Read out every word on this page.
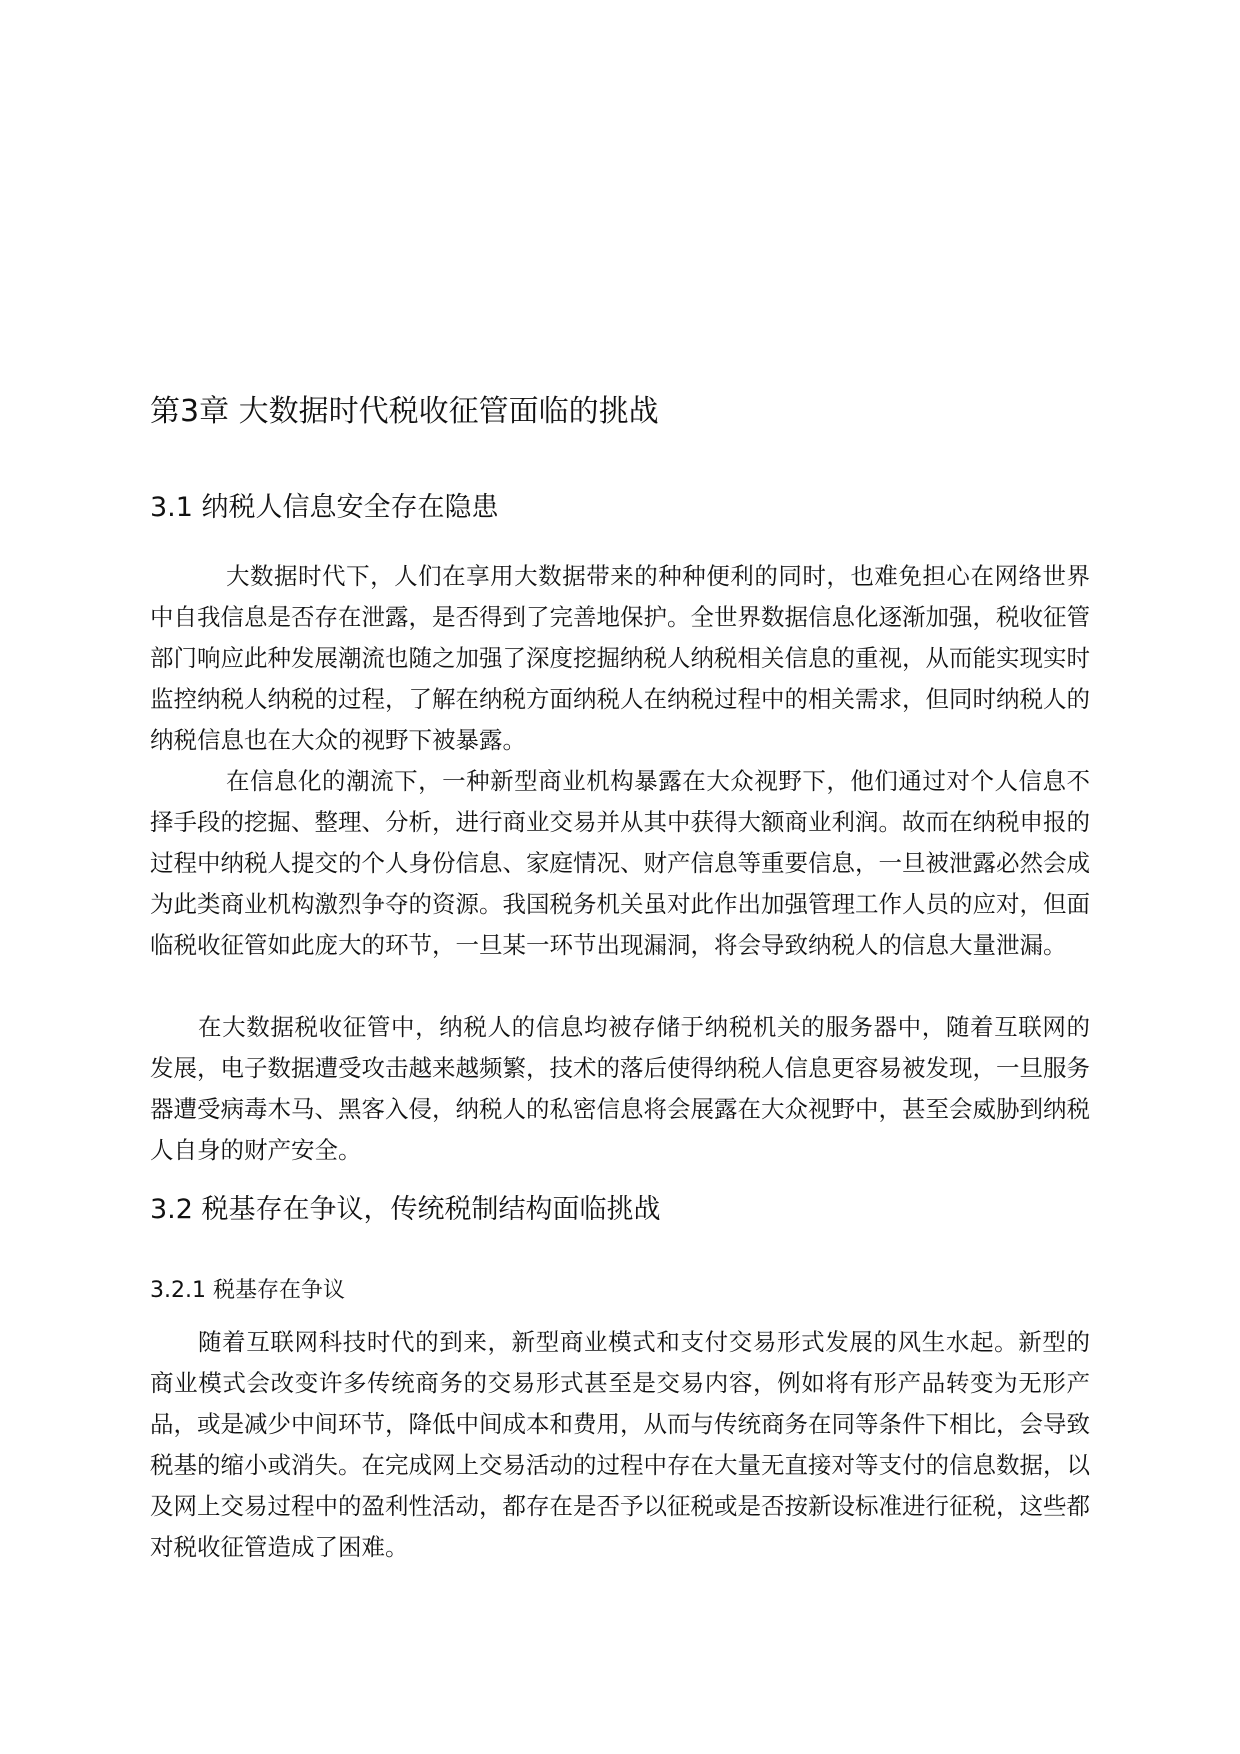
第3章 大数据时代税收征管面临的挑战
3.1 纳税人信息安全存在隐患

大数据时代下，人们在享用大数据带来的种种便利的同时，也难免担心在网络世界中自我信息是否存在泄露，是否得到了完善地保护。全世界数据信息化逐渐加强，税收征管部门响应此种发展潮流也随之加强了深度挖掘纳税人纳税相关信息的重视，从而能实现实时监控纳税人纳税的过程，了解在纳税方面纳税人在纳税过程中的相关需求，但同时纳税人的纳税信息也在大众的视野下被暴露。

在信息化的潮流下，一种新型商业机构暴露在大众视野下，他们通过对个人信息不择手段的挖掘、整理、分析，进行商业交易并从其中获得大额商业利润。故而在纳税申报的过程中纳税人提交的个人身份信息、家庭情况、财产信息等重要信息，一旦被泄露必然会成为此类商业机构激烈争夺的资源。我国税务机关虽对此作出加强管理工作人员的应对，但面临税收征管如此庞大的环节，一旦某一环节出现漏洞，将会导致纳税人的信息大量泄漏。

在大数据税收征管中，纳税人的信息均被存储于纳税机关的服务器中，随着互联网的发展，电子数据遭受攻击越来越频繁，技术的落后使得纳税人信息更容易被发现，一旦服务器遭受病毒木马、黑客入侵，纳税人的私密信息将会展露在大众视野中，甚至会威胁到纳税人自身的财产安全。

3.2 税基存在争议，传统税制结构面临挑战
3.2.1 税基存在争议

随着互联网科技时代的到来，新型商业模式和支付交易形式发展的风生水起。新型的商业模式会改变许多传统商务的交易形式甚至是交易内容，例如将有形产品转变为无形产品，或是减少中间环节，降低中间成本和费用，从而与传统商务在同等条件下相比，会导致税基的缩小或消失。在完成网上交易活动的过程中存在大量无直接对等支付的信息数据，以及网上交易过程中的盈利性活动，都存在是否予以征税或是否按新设标准进行征税，这些都对税收征管造成了困难。
